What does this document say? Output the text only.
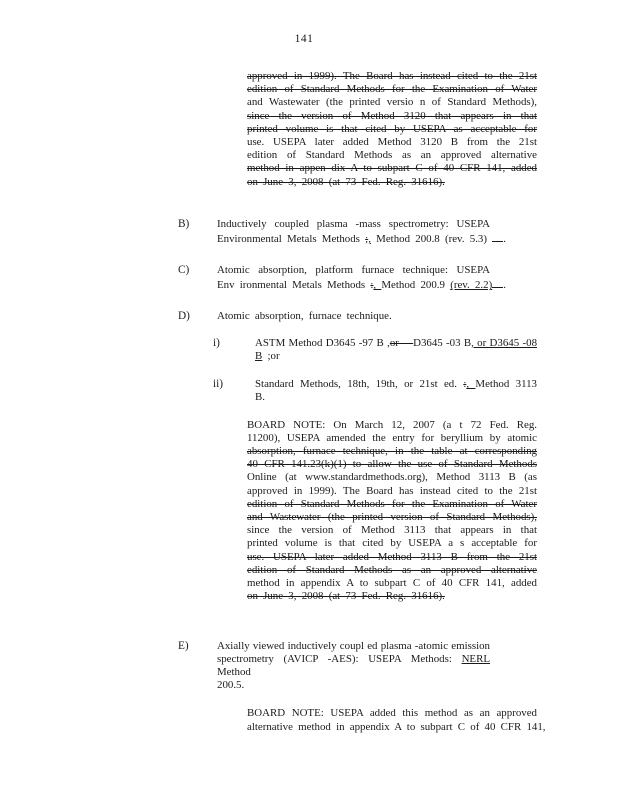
141
approved in 1999). The Board has instead cited to the 21st
edition of Standard Methods for the Examination of Water
and Wastewater (the printed versio n of Standard Methods),
since the version of Method 3120 that appears in that
printed volume is that cited by USEPA as acceptable for
use. USEPA later added Method 3120 B from the 21st
edition of Standard Methods as an approved alternative
method in appen dix A to subpart C of 40 CFR 141, added
on June 3, 2008 (at 73 Fed. Reg. 31616).
B)	Inductively coupled plasma -mass spectrometry: USEPA
Environmental Metals Methods ;, Method 200.8 (rev. 5.3) .
C)	Atomic absorption, platform furnace technique: USEPA
Env ironmental Metals Methods :, Method 200.9 (rev. 2.2) .
D) Atomic absorption, furnace technique.
i)	ASTM Method D3645 -97 B ,or —D3645 -03 B, or D3645 -08
B ;or
ii)	Standard Methods, 18th, 19th, or 21st ed. :, Method 3113
B.
BOARD NOTE: On March 12, 2007 (a t 72 Fed. Reg.
11200), USEPA amended the entry for beryllium by atomic
absorption, furnace technique, in the table at corresponding
40 CFR 141.23(k)(1) to allow the use of Standard Methods
Online (at www.standardmethods.org), Method 3113 B (as
approved in 1999). The Board has instead cited to the 21st
edition of Standard Methods for the Examination of Water
and Wastewater (the printed version of Standard Methods),
since the version of Method 3113 that appears in that
printed volume is that cited by USEPA a s acceptable for
use. USEPA later added Method 3113 B from the 21st
edition of Standard Methods as an approved alternative
method in appendix A to subpart C of 40 CFR 141, added
on June 3, 2008 (at 73 Fed. Reg. 31616).
E)	Axially viewed inductively coupl ed plasma -atomic emission
spectrometry (AVICP -AES): USEPA Methods: NERL Method
200.5.
BOARD NOTE: USEPA added this method as an approved
alternative method in appendix A to subpart C of 40 CFR 141,
